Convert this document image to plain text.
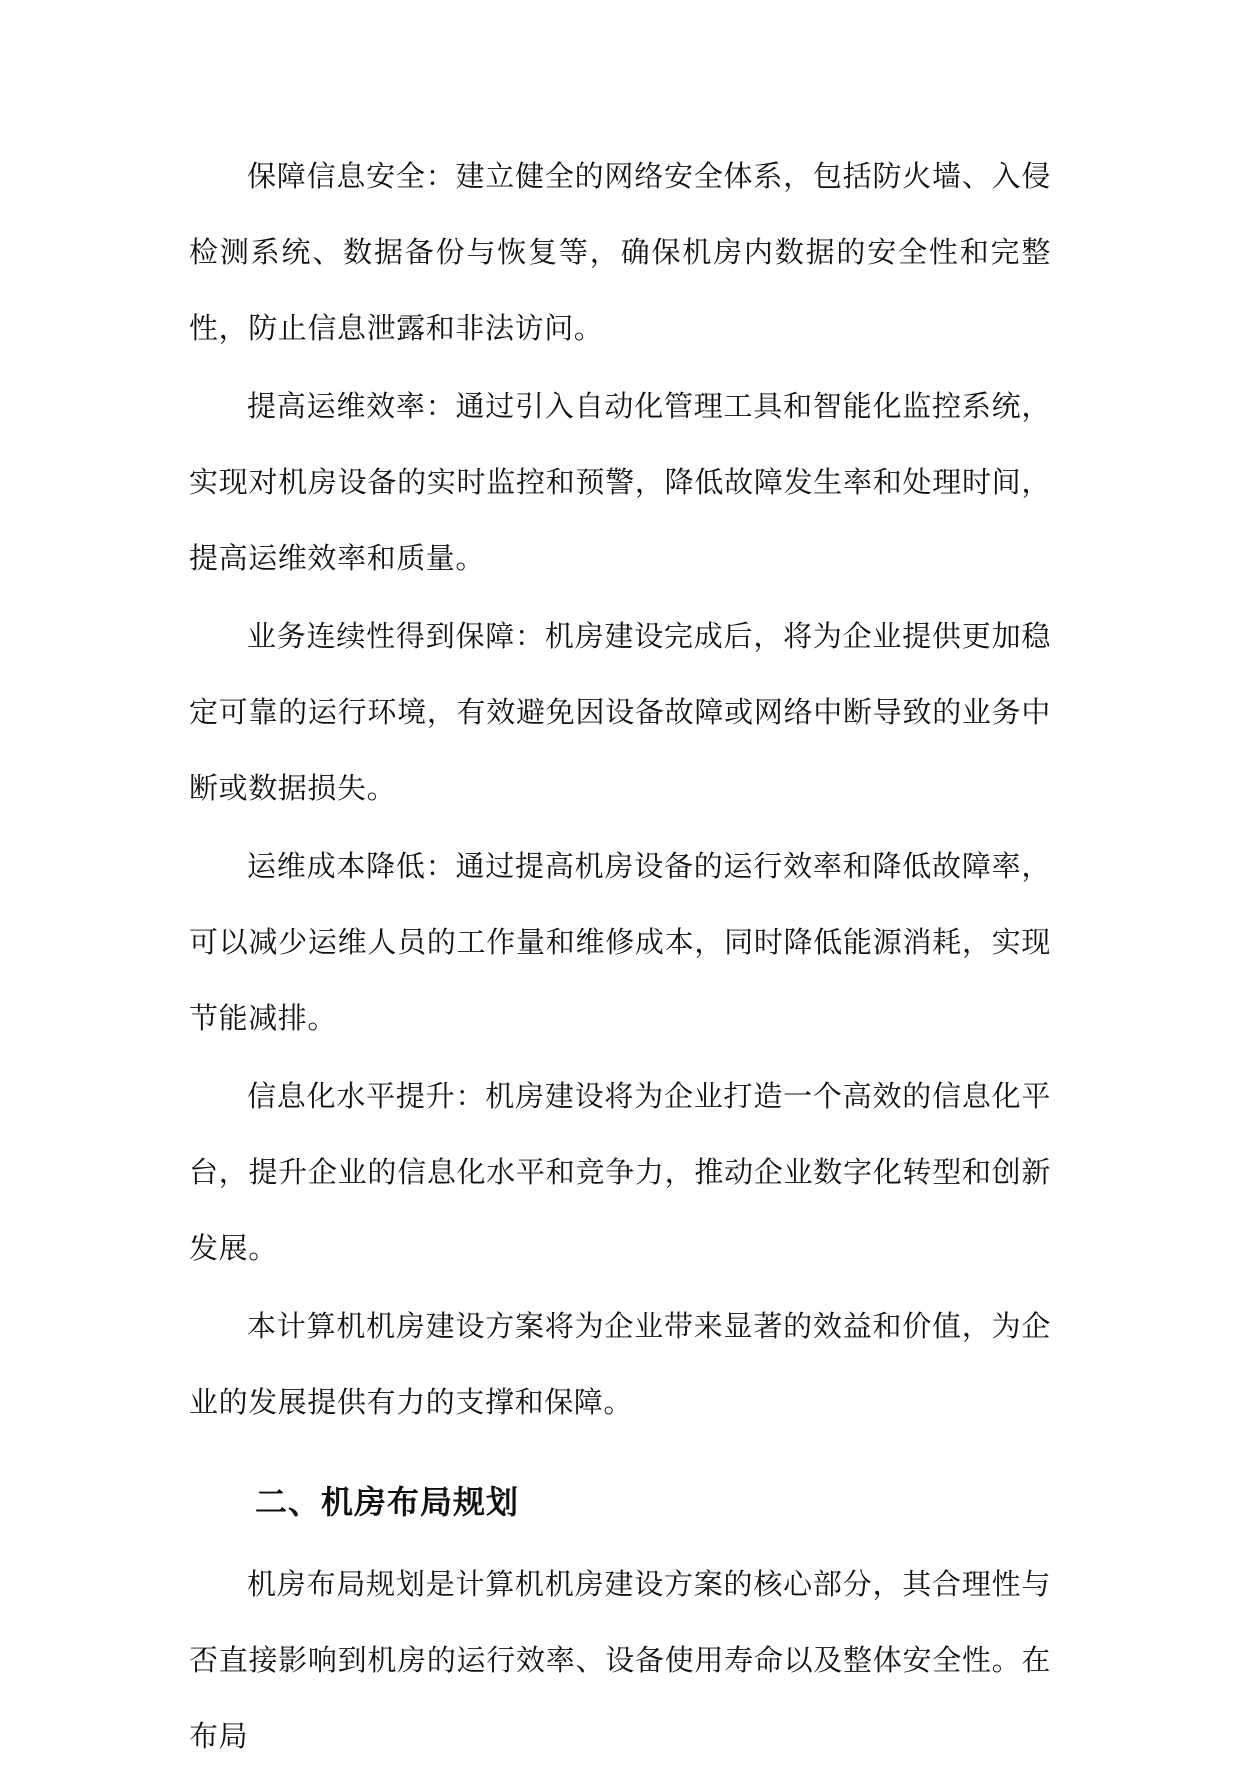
保障信息安全：建立健全的网络安全体系，包括防火墙、入侵检测系统、数据备份与恢复等，确保机房内数据的安全性和完整性，防止信息泄露和非法访问。

提高运维效率：通过引入自动化管理工具和智能化监控系统，实现对机房设备的实时监控和预警，降低故障发生率和处理时间，提高运维效率和质量。

业务连续性得到保障：机房建设完成后，将为企业提供更加稳定可靠的运行环境，有效避免因设备故障或网络中断导致的业务中断或数据损失。

运维成本降低：通过提高机房设备的运行效率和降低故障率，可以减少运维人员的工作量和维修成本，同时降低能源消耗，实现节能减排。

信息化水平提升：机房建设将为企业打造一个高效的信息化平台，提升企业的信息化水平和竞争力，推动企业数字化转型和创新发展。

本计算机机房建设方案将为企业带来显著的效益和价值，为企业的发展提供有力的支撑和保障。

二、机房布局规划

机房布局规划是计算机机房建设方案的核心部分，其合理性与否直接影响到机房的运行效率、设备使用寿命以及整体安全性。在布局
